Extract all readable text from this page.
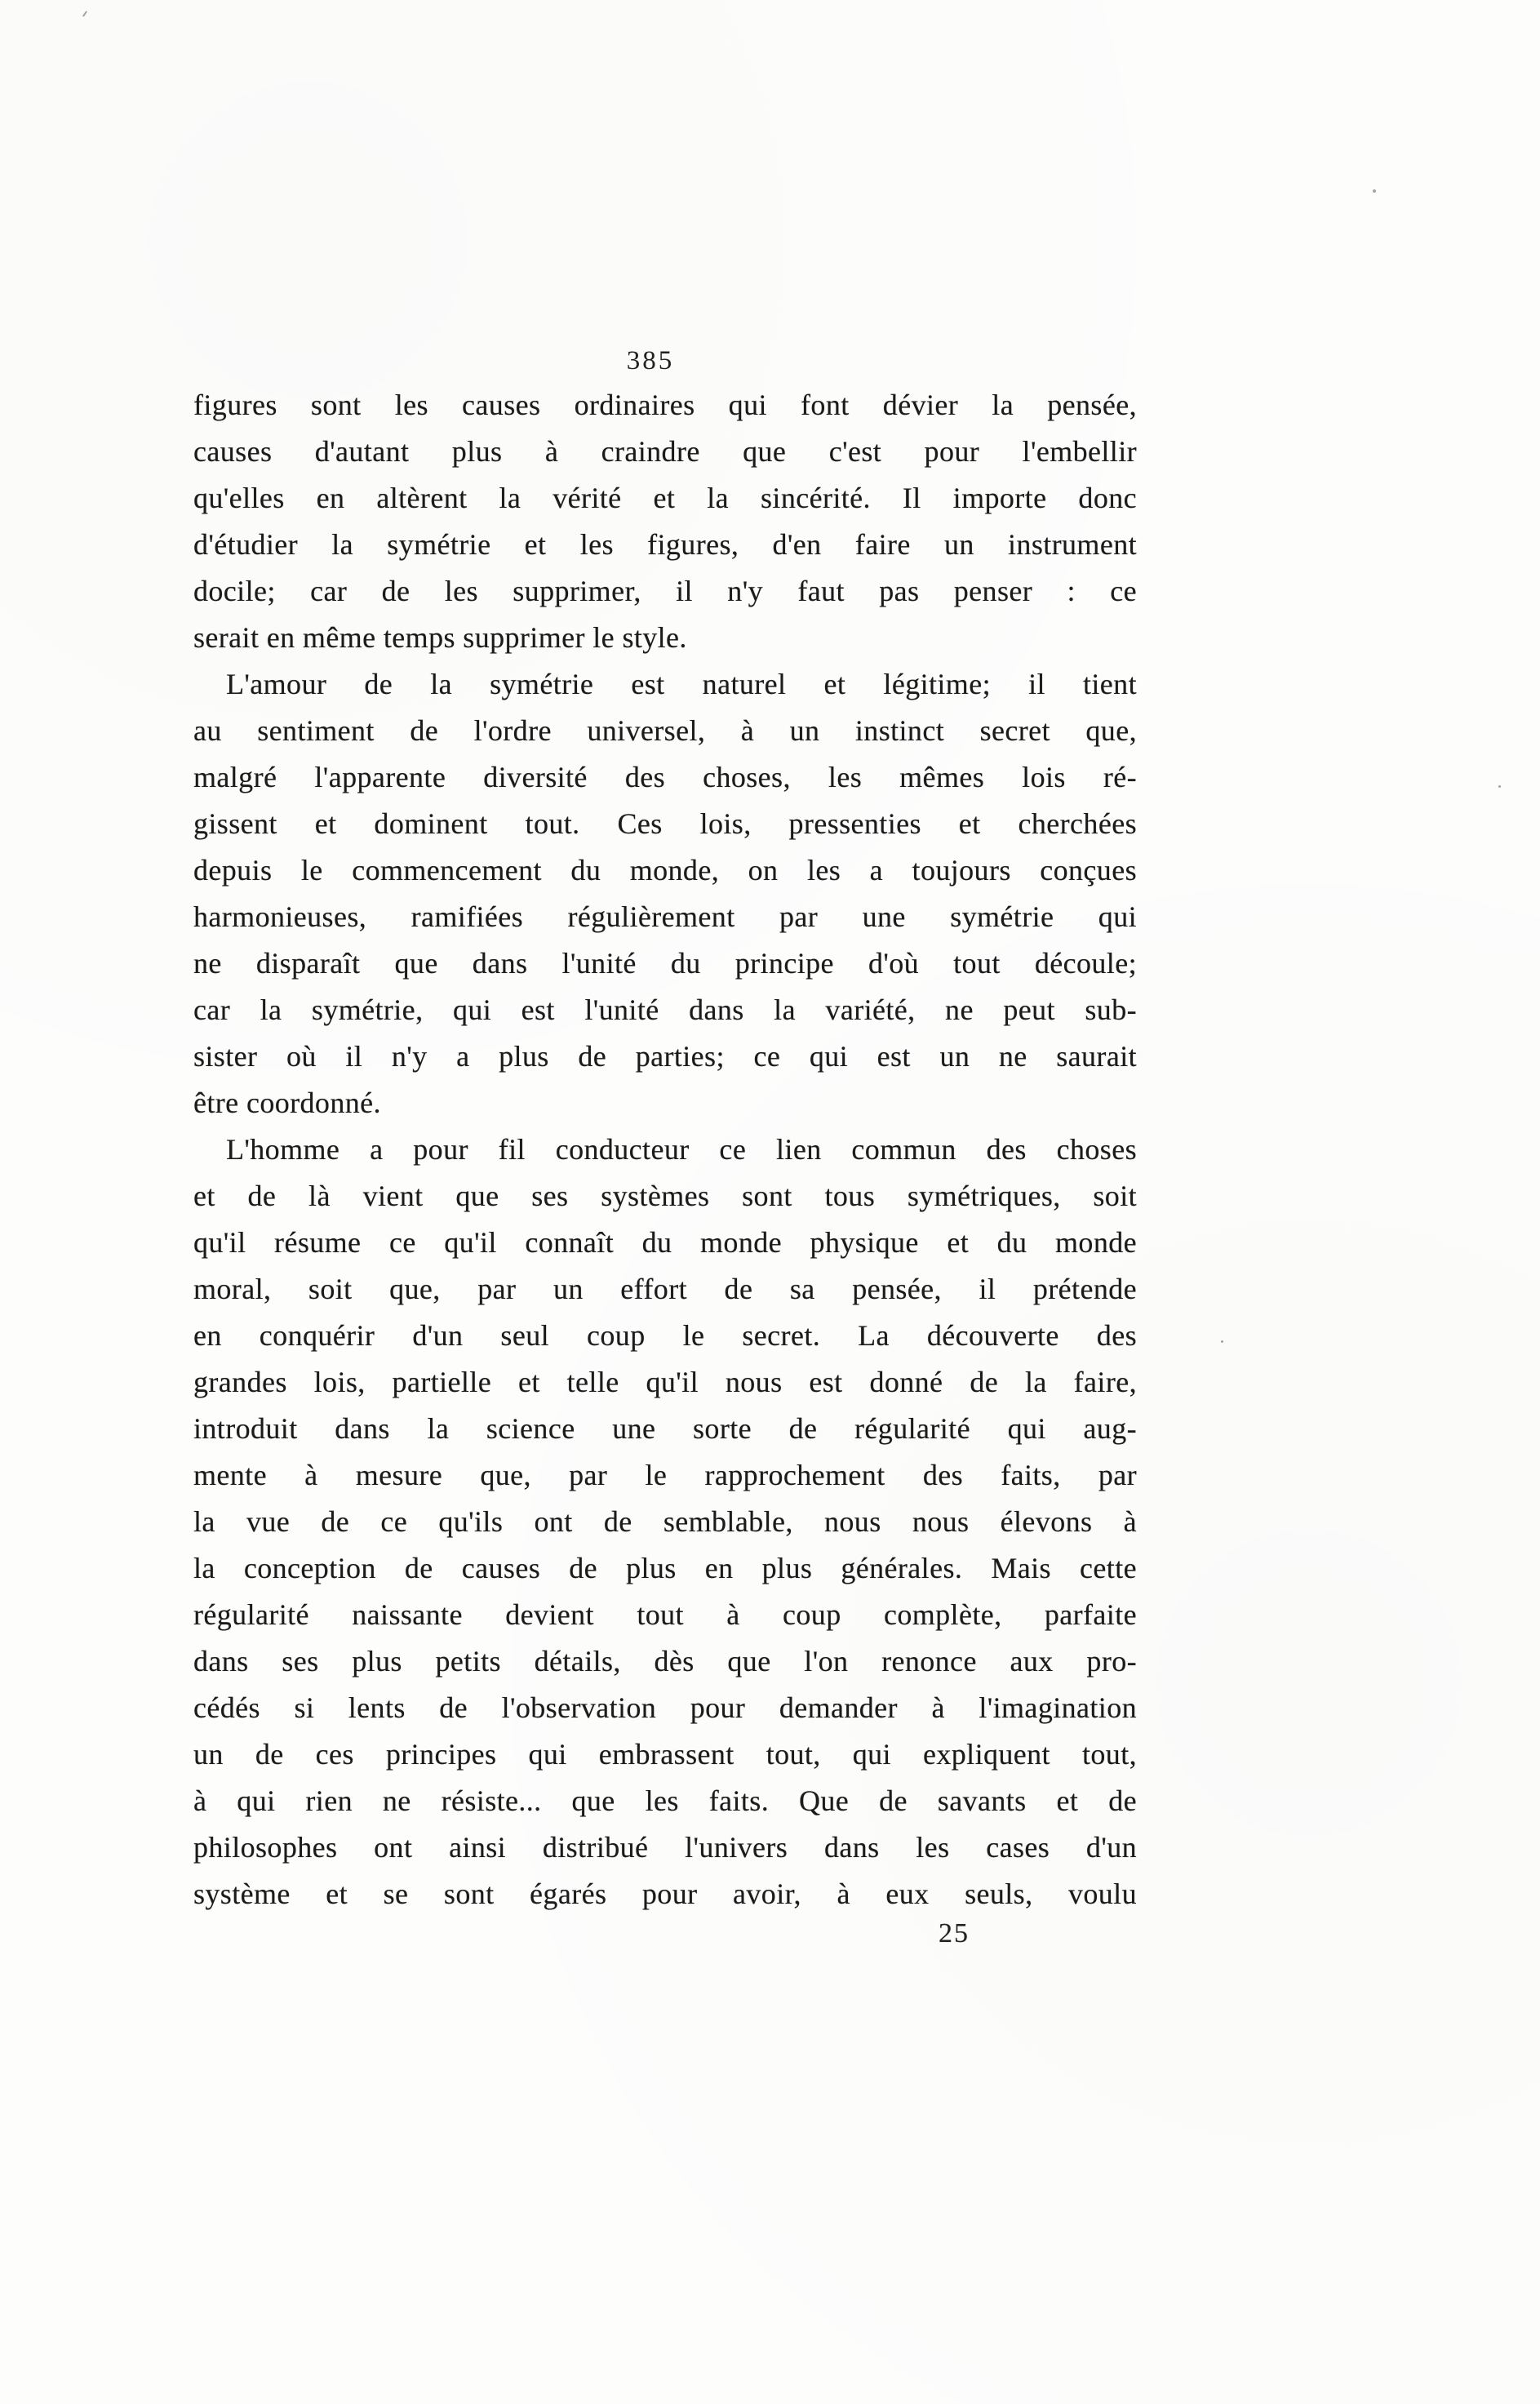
385
figures sont les causes ordinaires qui font dévier la pensée,
causes d'autant plus à craindre que c'est pour l'embellir
qu'elles en altèrent la vérité et la sincérité. Il importe donc
d'étudier la symétrie et les figures, d'en faire un instrument
docile; car de les supprimer, il n'y faut pas penser : ce
serait en même temps supprimer le style.
L'amour de la symétrie est naturel et légitime; il tient
au sentiment de l'ordre universel, à un instinct secret que,
malgré l'apparente diversité des choses, les mêmes lois ré-
gissent et dominent tout. Ces lois, pressenties et cherchées
depuis le commencement du monde, on les a toujours conçues
harmonieuses, ramifiées régulièrement par une symétrie qui
ne disparaît que dans l'unité du principe d'où tout découle;
car la symétrie, qui est l'unité dans la variété, ne peut sub-
sister où il n'y a plus de parties; ce qui est un ne saurait
être coordonné.
L'homme a pour fil conducteur ce lien commun des choses
et de là vient que ses systèmes sont tous symétriques, soit
qu'il résume ce qu'il connaît du monde physique et du monde
moral, soit que, par un effort de sa pensée, il prétende
en conquérir d'un seul coup le secret. La découverte des
grandes lois, partielle et telle qu'il nous est donné de la faire,
introduit dans la science une sorte de régularité qui aug-
mente à mesure que, par le rapprochement des faits, par
la vue de ce qu'ils ont de semblable, nous nous élevons à
la conception de causes de plus en plus générales. Mais cette
régularité naissante devient tout à coup complète, parfaite
dans ses plus petits détails, dès que l'on renonce aux pro-
cédés si lents de l'observation pour demander à l'imagination
un de ces principes qui embrassent tout, qui expliquent tout,
à qui rien ne résiste... que les faits. Que de savants et de
philosophes ont ainsi distribué l'univers dans les cases d'un
système et se sont égarés pour avoir, à eux seuls, voulu
25
